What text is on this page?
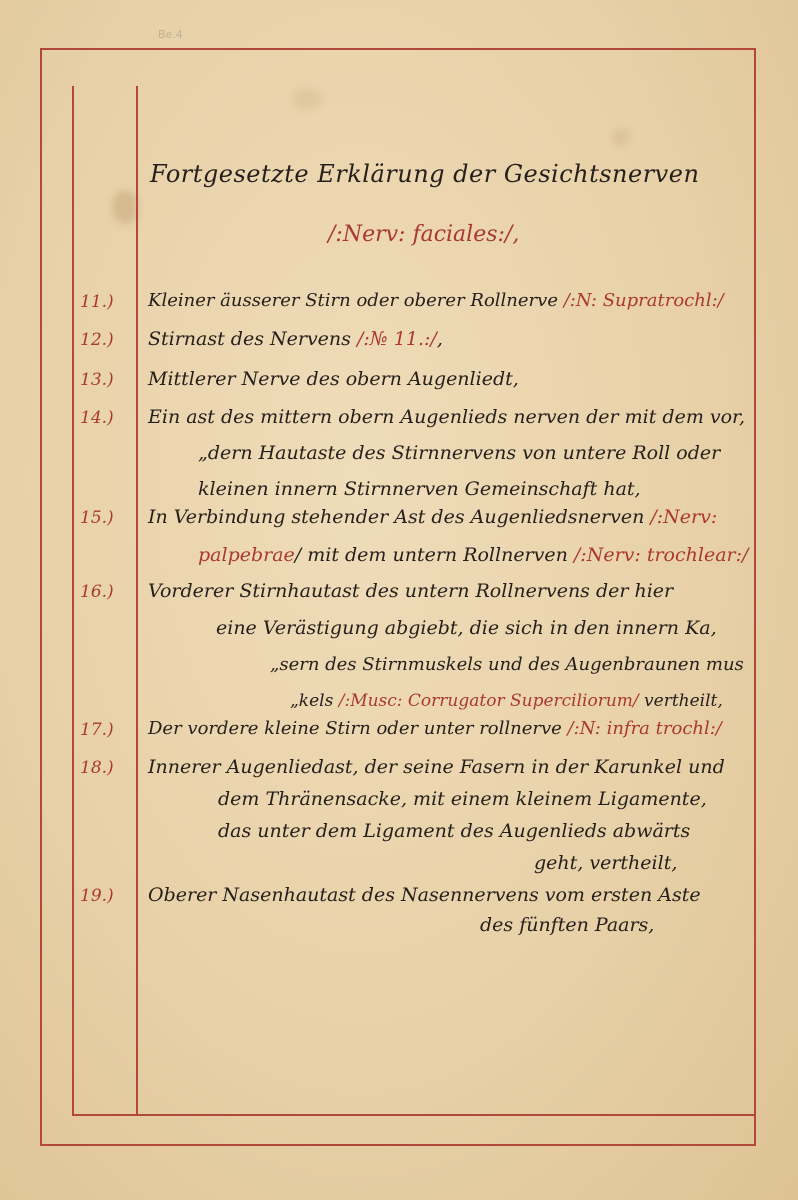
Be.4
Fortgesetzte Erklärung der Gesichtsnerven
/:Nerv: faciales:/,
11.)	Kleiner äusserer Stirn oder oberer Rollnerve /:N: Supratrochl:/
12.)	Stirnast des Nervens /:№ 11.:/,
13.)	Mittlerer Nerve des obern Augenliedt,
14.)	Ein ast des mittern obern Augenlieds nerven der mit dem vor,
„dern Hautaste des Stirnnervens von untere Roll oder
kleinen innern Stirnnerven Gemeinschaft hat,
15.)	In Verbindung stehender Ast des Augenliedsnerven /:Nerv:
palpebrae/ mit dem untern Rollnerven /:Nerv: trochlear:/
16.)	Vorderer Stirnhautast des untern Rollnervens der hier
eine Verästigung abgiebt, die sich in den innern Ka,
„sern des Stirnmuskels und des Augenbraunen mus
„kels /:Musc: Corrugator Superciliorum/ vertheilt,
17.)	Der vordere kleine Stirn oder unter rollnerve /:N: infra trochl:/
18.)	Innerer Augenliedast, der seine Fasern in der Karunkel und
dem Thränensacke, mit einem kleinem Ligamente,
das unter dem Ligament des Augenlieds abwärts
geht, vertheilt,
19.)	Oberer Nasenhautast des Nasennervens vom ersten Aste
des fünften Paars,
